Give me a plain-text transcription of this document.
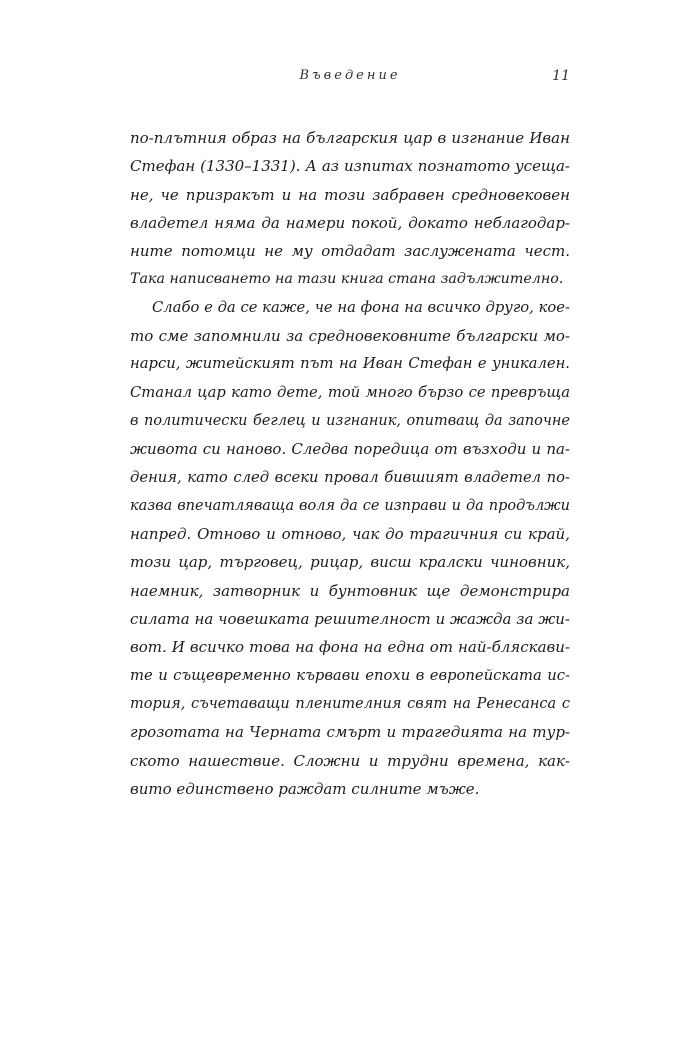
Въведение	11
по-плътния образ на българския цар в изгнание Иван
Стефан (1330–1331). А аз изпитах познатото усеща-
не, че призракът и на този забравен средновековен
владетел няма да намери покой, докато неблагодар-
ните потомци не му отдадат заслужената чест.
Така написването на тази книга стана задължително.
Слабо е да се каже, че на фона на всичко друго, кое-
то сме запомнили за средновековните български мо-
нарси, житейският път на Иван Стефан е уникален.
Станал цар като дете, той много бързо се превръща
в политически беглец и изгнаник, опитващ да започне
живота си наново. Следва поредица от възходи и па-
дения, като след всеки провал бившият владетел по-
казва впечатляваща воля да се изправи и да продължи
напред. Отново и отново, чак до трагичния си край,
този цар, търговец, рицар, висш кралски чиновник,
наемник, затворник и бунтовник ще демонстрира
силата на човешката решителност и жажда за жи-
вот. И всичко това на фона на една от най-бляскави-
те и същевременно кървави епохи в европейската ис-
тория, съчетаващи пленителния свят на Ренесанса с
грозотата на Черната смърт и трагедията на тур-
ското нашествие. Сложни и трудни времена, как-
вито единствено раждат силните мъже.
